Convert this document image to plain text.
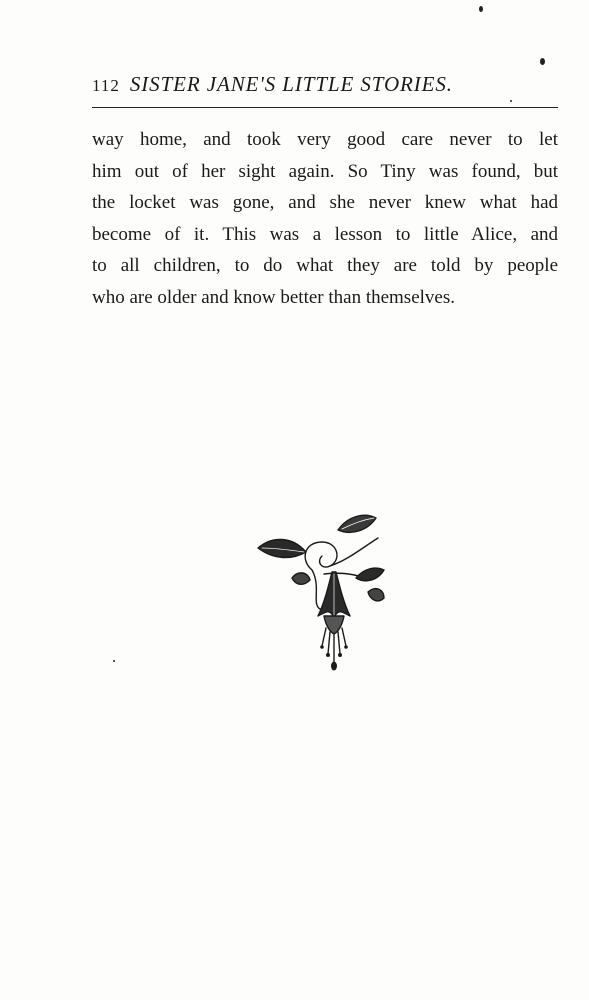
112 SISTER JANE'S LITTLE STORIES.
way home, and took very good care never to let
him out of her sight again. So Tiny was found, but
the locket was gone, and she never knew what had
become of it. This was a lesson to little Alice, and
to all children, to do what they are told by people
who are older and know better than themselves.
